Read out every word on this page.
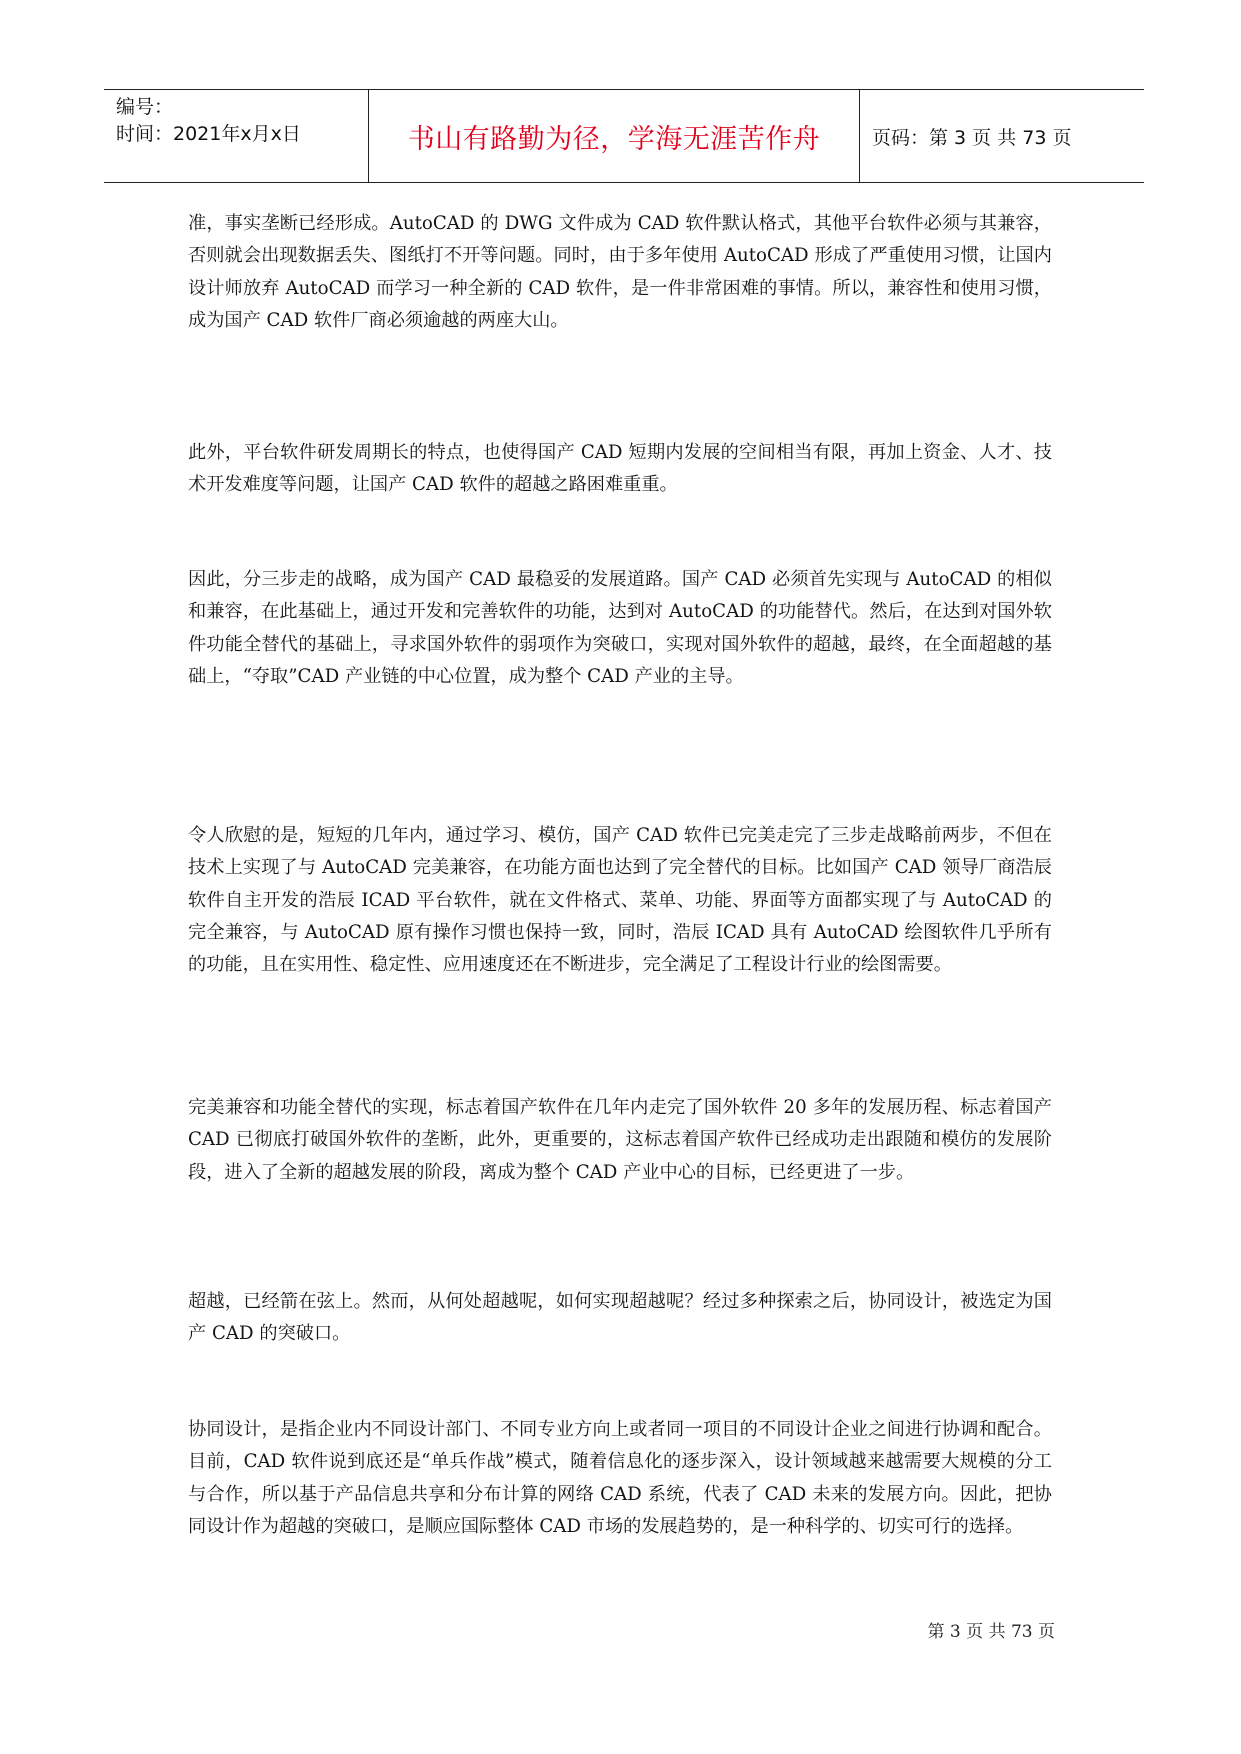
编号：
时间：2021年x月x日	书山有路勤为径，学海无涯苦作舟	页码：第 3 页 共 73 页

准，事实垄断已经形成。AutoCAD 的 DWG 文件成为 CAD 软件默认格式，其他平台软件必须与其兼容，否则就会出现数据丢失、图纸打不开等问题。同时，由于多年使用 AutoCAD 形成了严重使用习惯，让国内设计师放弃 AutoCAD 而学习一种全新的 CAD 软件，是一件非常困难的事情。所以，兼容性和使用习惯，成为国产 CAD 软件厂商必须逾越的两座大山。

此外，平台软件研发周期长的特点，也使得国产 CAD 短期内发展的空间相当有限，再加上资金、人才、技术开发难度等问题，让国产 CAD 软件的超越之路困难重重。

因此，分三步走的战略，成为国产 CAD 最稳妥的发展道路。国产 CAD 必须首先实现与 AutoCAD 的相似和兼容，在此基础上，通过开发和完善软件的功能，达到对 AutoCAD 的功能替代。然后，在达到对国外软件功能全替代的基础上，寻求国外软件的弱项作为突破口，实现对国外软件的超越，最终，在全面超越的基础上，“夺取”CAD 产业链的中心位置，成为整个 CAD 产业的主导。

令人欣慰的是，短短的几年内，通过学习、模仿，国产 CAD 软件已完美走完了三步走战略前两步，不但在技术上实现了与 AutoCAD 完美兼容，在功能方面也达到了完全替代的目标。比如国产 CAD 领导厂商浩辰软件自主开发的浩辰 ICAD 平台软件，就在文件格式、菜单、功能、界面等方面都实现了与 AutoCAD 的完全兼容，与 AutoCAD 原有操作习惯也保持一致，同时，浩辰 ICAD 具有 AutoCAD 绘图软件几乎所有的功能，且在实用性、稳定性、应用速度还在不断进步，完全满足了工程设计行业的绘图需要。

完美兼容和功能全替代的实现，标志着国产软件在几年内走完了国外软件 20 多年的发展历程、标志着国产 CAD 已彻底打破国外软件的垄断，此外，更重要的，这标志着国产软件已经成功走出跟随和模仿的发展阶段，进入了全新的超越发展的阶段，离成为整个 CAD 产业中心的目标，已经更进了一步。

超越，已经箭在弦上。然而，从何处超越呢，如何实现超越呢？经过多种探索之后，协同设计，被选定为国产 CAD 的突破口。

协同设计，是指企业内不同设计部门、不同专业方向上或者同一项目的不同设计企业之间进行协调和配合。目前，CAD 软件说到底还是“单兵作战”模式，随着信息化的逐步深入，设计领域越来越需要大规模的分工与合作，所以基于产品信息共享和分布计算的网络 CAD 系统，代表了 CAD 未来的发展方向。因此，把协同设计作为超越的突破口，是顺应国际整体 CAD 市场的发展趋势的，是一种科学的、切实可行的选择。

第 3 页 共 73 页
